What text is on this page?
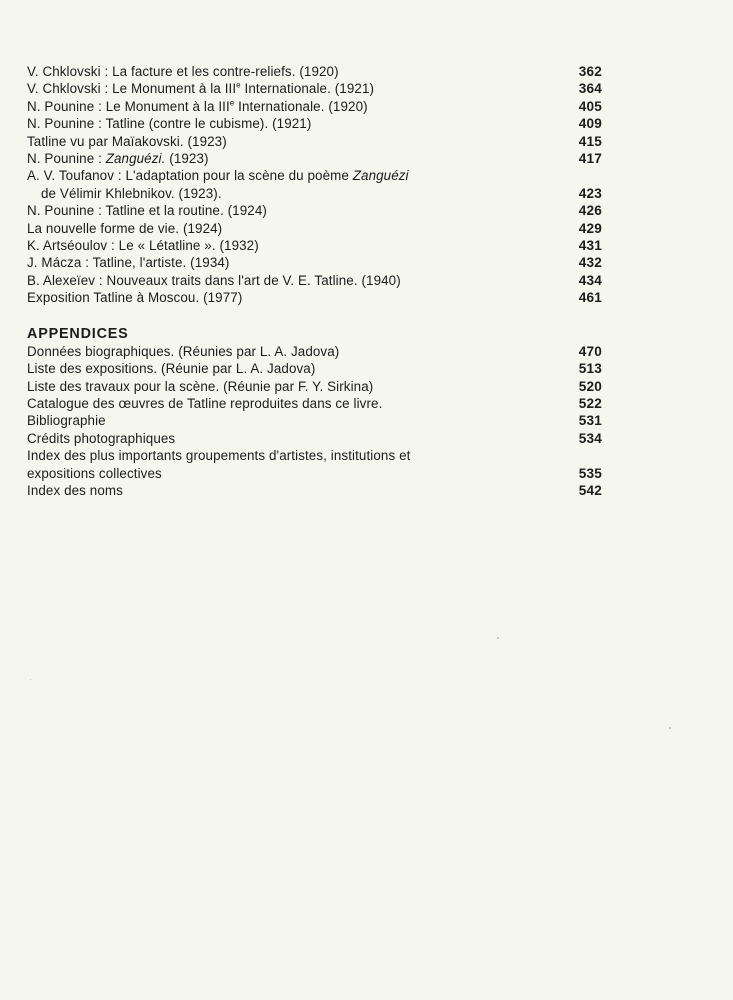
V. Chklovski : La facture et les contre-reliefs. (1920)	362
V. Chklovski : Le Monument à la IIIe Internationale. (1921)	364
N. Pounine : Le Monument à la IIIe Internationale. (1920)	405
N. Pounine : Tatline (contre le cubisme). (1921)	409
Tatline vu par Maïakovski. (1923)	415
N. Pounine : Zanguézi. (1923)	417
A. V. Toufanov : L'adaptation pour la scène du poème Zanguézi
de Vélimir Khlebnikov. (1923).	423
N. Pounine : Tatline et la routine. (1924)	426
La nouvelle forme de vie. (1924)	429
K. Artséoulov : Le « Létatline ». (1932)	431
J. Mácza : Tatline, l'artiste. (1934)	432
B. Alexeïev : Nouveaux traits dans l'art de V. E. Tatline. (1940)	434
Exposition Tatline à Moscou. (1977)	461
APPENDICES
Données biographiques. (Réunies par L. A. Jadova)	470
Liste des expositions. (Réunie par L. A. Jadova)	513
Liste des travaux pour la scène. (Réunie par F. Y. Sirkina)	520
Catalogue des œuvres de Tatline reproduites dans ce livre.	522
Bibliographie	531
Crédits photographiques	534
Index des plus importants groupements d'artistes, institutions et
expositions collectives	535
Index des noms	542
